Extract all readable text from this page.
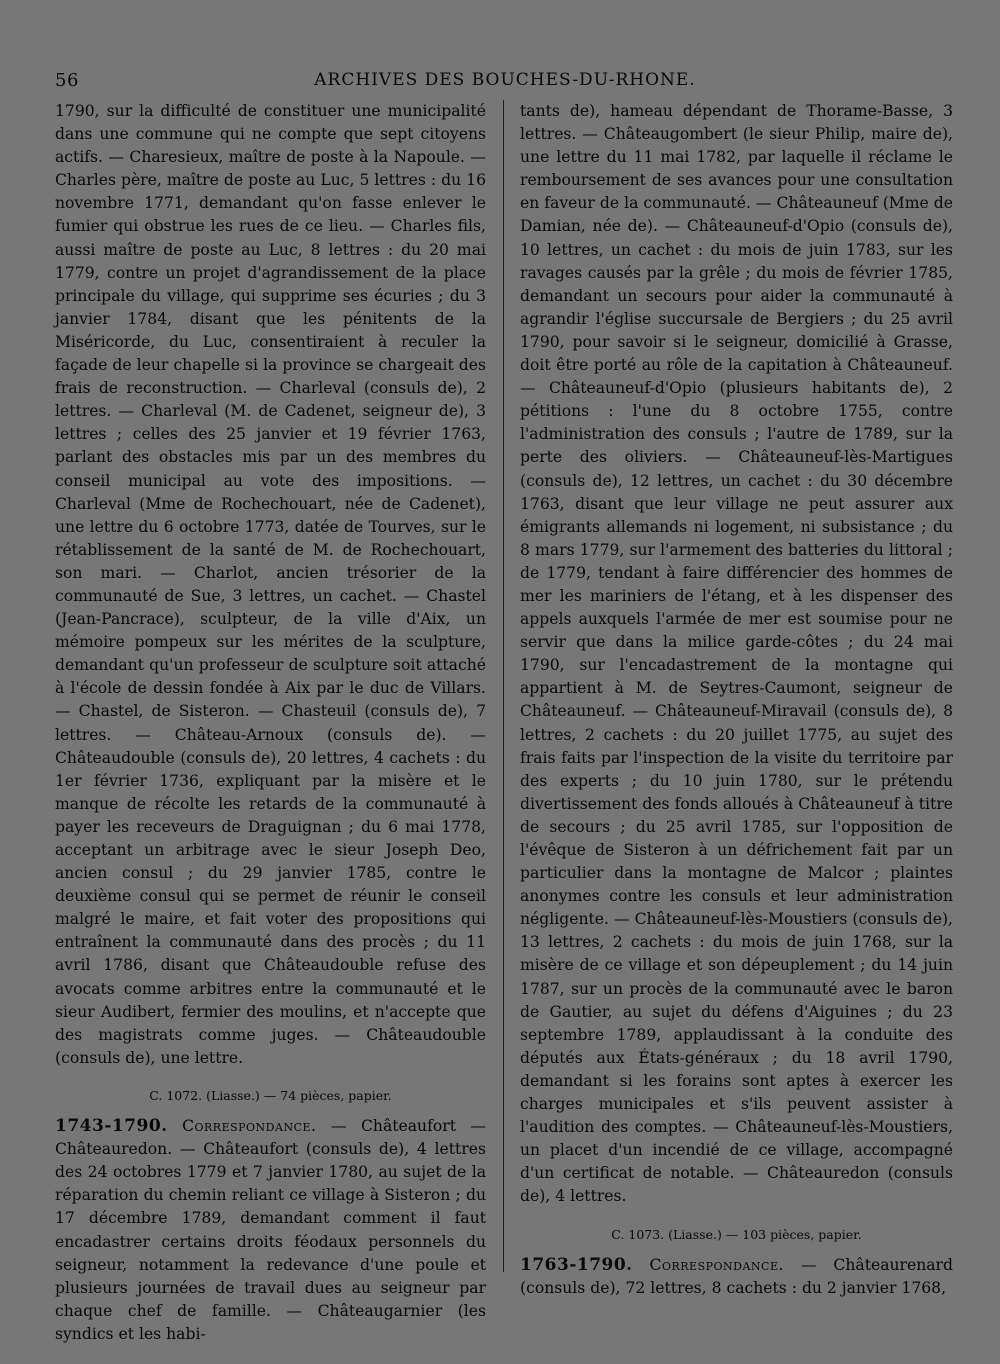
56	ARCHIVES DES BOUCHES-DU-RHONE.

1790, sur la difficulté de constituer une municipalité dans une commune qui ne compte que sept citoyens actifs. — Charesieux, maître de poste à la Napoule. — Charles père, maître de poste au Luc, 5 lettres : du 16 novembre 1771, demandant qu'on fasse enlever le fumier qui obstrue les rues de ce lieu. — Charles fils, aussi maître de poste au Luc, 8 lettres : du 20 mai 1779, contre un projet d'agrandissement de la place principale du village, qui supprime ses écuries ; du 3 janvier 1784, disant que les pénitents de la Miséricorde, du Luc, consentiraient à reculer la façade de leur chapelle si la province se chargeait des frais de reconstruction. — Charleval (consuls de), 2 lettres. — Charleval (M. de Cadenet, seigneur de), 3 lettres ; celles des 25 janvier et 19 février 1763, parlant des obstacles mis par un des membres du conseil municipal au vote des impositions. — Charleval (Mme de Rochechouart, née de Cadenet), une lettre du 6 octobre 1773, datée de Tourves, sur le rétablissement de la santé de M. de Rochechouart, son mari. — Charlot, ancien trésorier de la communauté de Sue, 3 lettres, un cachet. — Chastel (Jean-Pancrace), sculpteur, de la ville d'Aix, un mémoire pompeux sur les mérites de la sculpture, demandant qu'un professeur de sculpture soit attaché à l'école de dessin fondée à Aix par le duc de Villars. — Chastel, de Sisteron. — Chasteuil (consuls de), 7 lettres. — Château-Arnoux (consuls de). — Châteaudouble (consuls de), 20 lettres, 4 cachets : du 1er février 1736, expliquant par la misère et le manque de récolte les retards de la communauté à payer les receveurs de Draguignan ; du 6 mai 1778, acceptant un arbitrage avec le sieur Joseph Deo, ancien consul ; du 29 janvier 1785, contre le deuxième consul qui se permet de réunir le conseil malgré le maire, et fait voter des propositions qui entraînent la communauté dans des procès ; du 11 avril 1786, disant que Châteaudouble refuse des avocats comme arbitres entre la communauté et le sieur Audibert, fermier des moulins, et n'accepte que des magistrats comme juges. — Châteaudouble (consuls de), une lettre.

C. 1072. (Liasse.) — 74 pièces, papier.

1743-1790. Correspondance. — Châteaufort — Châteauredon. — Châteaufort (consuls de), 4 lettres des 24 octobres 1779 et 7 janvier 1780, au sujet de la réparation du chemin reliant ce village à Sisteron ; du 17 décembre 1789, demandant comment il faut encadastrer certains droits féodaux personnels du seigneur, notamment la redevance d'une poule et plusieurs journées de travail dues au seigneur par chaque chef de famille. — Châteaugarnier (les syndics et les habi-

tants de), hameau dépendant de Thorame-Basse, 3 lettres. — Châteaugombert (le sieur Philip, maire de), une lettre du 11 mai 1782, par laquelle il réclame le remboursement de ses avances pour une consultation en faveur de la communauté. — Châteauneuf (Mme de Damian, née de). — Châteauneuf-d'Opio (consuls de), 10 lettres, un cachet : du mois de juin 1783, sur les ravages causés par la grêle ; du mois de février 1785, demandant un secours pour aider la communauté à agrandir l'église succursale de Bergiers ; du 25 avril 1790, pour savoir si le seigneur, domicilié à Grasse, doit être porté au rôle de la capitation à Châteauneuf. — Châteauneuf-d'Opio (plusieurs habitants de), 2 pétitions : l'une du 8 octobre 1755, contre l'administration des consuls ; l'autre de 1789, sur la perte des oliviers. — Châteauneuf-lès-Martigues (consuls de), 12 lettres, un cachet : du 30 décembre 1763, disant que leur village ne peut assurer aux émigrants allemands ni logement, ni subsistance ; du 8 mars 1779, sur l'armement des batteries du littoral ; de 1779, tendant à faire différencier des hommes de mer les mariniers de l'étang, et à les dispenser des appels auxquels l'armée de mer est soumise pour ne servir que dans la milice garde-côtes ; du 24 mai 1790, sur l'encadastrement de la montagne qui appartient à M. de Seytres-Caumont, seigneur de Châteauneuf. — Châteauneuf-Miravail (consuls de), 8 lettres, 2 cachets : du 20 juillet 1775, au sujet des frais faits par l'inspection de la visite du territoire par des experts ; du 10 juin 1780, sur le prétendu divertissement des fonds alloués à Châteauneuf à titre de secours ; du 25 avril 1785, sur l'opposition de l'évêque de Sisteron à un défrichement fait par un particulier dans la montagne de Malcor ; plaintes anonymes contre les consuls et leur administration négligente. — Châteauneuf-lès-Moustiers (consuls de), 13 lettres, 2 cachets : du mois de juin 1768, sur la misère de ce village et son dépeuplement ; du 14 juin 1787, sur un procès de la communauté avec le baron de Gautier, au sujet du défens d'Aiguines ; du 23 septembre 1789, applaudissant à la conduite des députés aux États-généraux ; du 18 avril 1790, demandant si les forains sont aptes à exercer les charges municipales et s'ils peuvent assister à l'audition des comptes. — Châteauneuf-lès-Moustiers, un placet d'un incendié de ce village, accompagné d'un certificat de notable. — Châteauredon (consuls de), 4 lettres.

C. 1073. (Liasse.) — 103 pièces, papier.

1763-1790. Correspondance. — Châteaurenard (consuls de), 72 lettres, 8 cachets : du 2 janvier 1768,
